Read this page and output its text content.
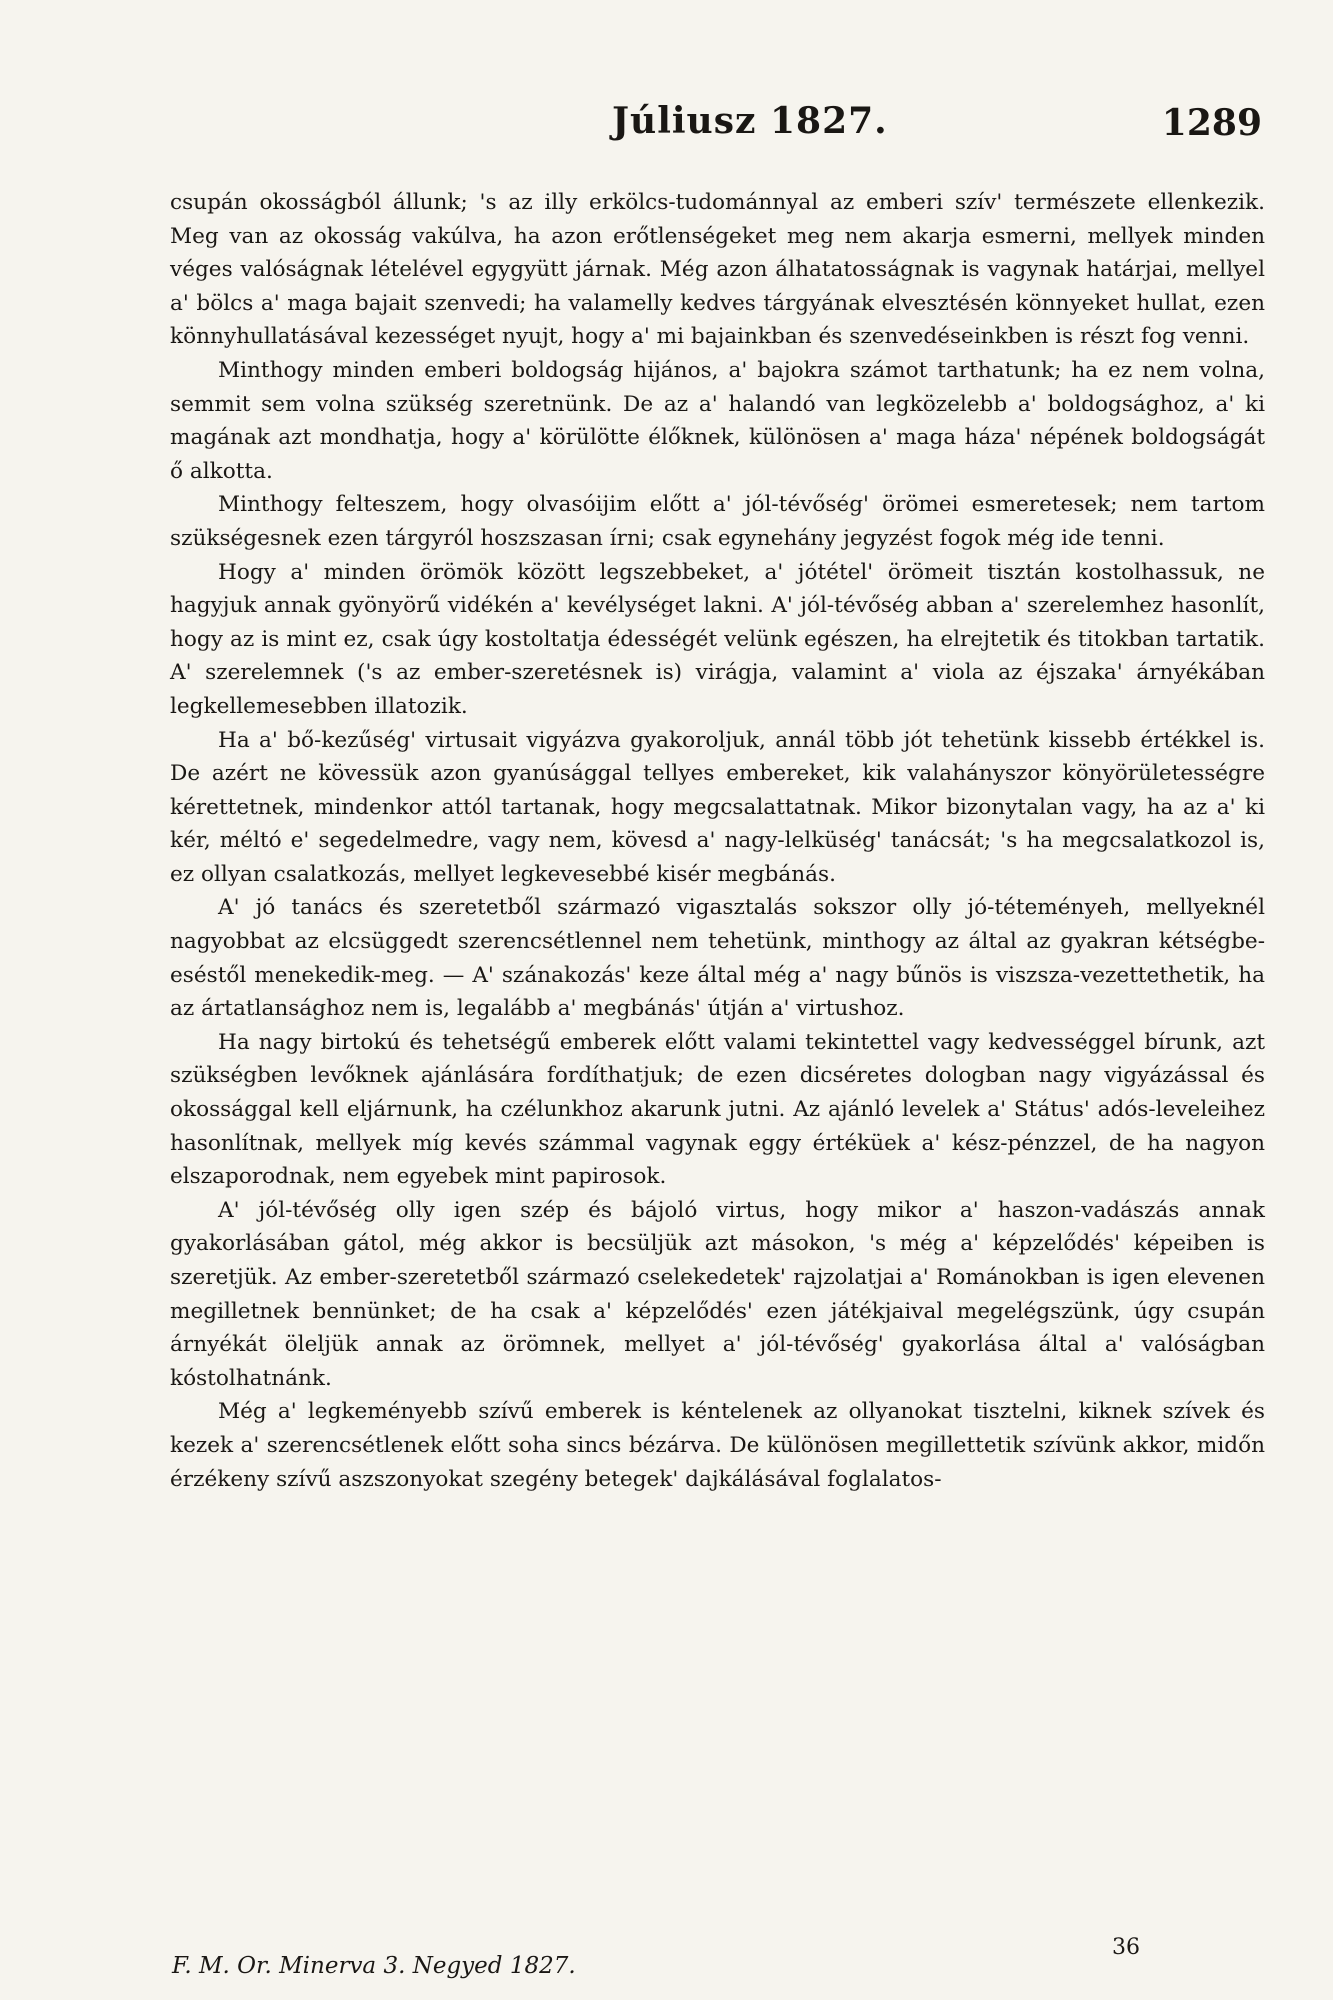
Júliusz 1827.	1289

csupán okosságból állunk; 's az illy erkölcs-tudománnyal az emberi szív' természete ellenkezik. Meg van az okosság vakúlva, ha azon erőtlenségeket meg nem akarja esmerni, mellyek minden véges valóságnak lételével egygyütt járnak. Még azon álhatatosságnak is vagynak határjai, mellyel a' bölcs a' maga bajait szenvedi; ha valamelly kedves tárgyának elvesztésén könnyeket hullat, ezen könnyhullatásával kezességet nyujt, hogy a' mi bajainkban és szenvedéseinkben is részt fog venni.

Minthogy minden emberi boldogság hijános, a' bajokra számot tarthatunk; ha ez nem volna, semmit sem volna szükség szeretnünk. De az a' halandó van legközelebb a' boldogsághoz, a' ki magának azt mondhatja, hogy a' körülötte élőknek, különösen a' maga háza' népének boldogságát ő alkotta.

Minthogy felteszem, hogy olvasóijim előtt a' jól-tévőség' örömei esmeretesek; nem tartom szükségesnek ezen tárgyról hoszszasan írni; csak egynehány jegyzést fogok még ide tenni.

Hogy a' minden örömök között legszebbeket, a' jótétel' örömeit tisztán kostolhassuk, ne hagyjuk annak gyönyörű vidékén a' kevélységet lakni. A' jól-tévőség abban a' szerelemhez hasonlít, hogy az is mint ez, csak úgy kostoltatja édességét velünk egészen, ha elrejtetik és titokban tartatik. A' szerelemnek ('s az ember-szeretésnek is) virágja, valamint a' viola az éjszaka' árnyékában legkellemesebben illatozik.

Ha a' bő-kezűség' virtusait vigyázva gyakoroljuk, annál több jót tehetünk kissebb értékkel is. De azért ne kövessük azon gyanúsággal tellyes embereket, kik valahányszor könyörületességre kérettetnek, mindenkor attól tartanak, hogy megcsalattatnak. Mikor bizonytalan vagy, ha az a' ki kér, méltó e' segedelmedre, vagy nem, kövesd a' nagy-lelküség' tanácsát; 's ha megcsalatkozol is, ez ollyan csalatkozás, mellyet legkevesebbé kisér megbánás.

A' jó tanács és szeretetből származó vigasztalás sokszor olly jó-téteményeh, mellyeknél nagyobbat az elcsüggedt szerencsétlennel nem tehetünk, minthogy az által az gyakran kétségbe-eséstől menekedik-meg. — A' szánakozás' keze által még a' nagy bűnös is viszsza-vezettethetik, ha az ártatlansághoz nem is, legalább a' megbánás' útján a' virtushoz.

Ha nagy birtokú és tehetségű emberek előtt valami tekintettel vagy kedvességgel bírunk, azt szükségben levőknek ajánlására fordíthatjuk; de ezen dicséretes dologban nagy vigyázással és okossággal kell eljárnunk, ha czélunkhoz akarunk jutni. Az ajánló levelek a' Státus' adós-leveleihez hasonlítnak, mellyek míg kevés számmal vagynak eggy értéküek a' kész-pénzzel, de ha nagyon elszaporodnak, nem egyebek mint papirosok.

A' jól-tévőség olly igen szép és bájoló virtus, hogy mikor a' haszon-vadászás annak gyakorlásában gátol, még akkor is becsüljük azt másokon, 's még a' képzelődés' képeiben is szeretjük. Az ember-szeretetből származó cselekedetek' rajzolatjai a' Románokban is igen elevenen megilletnek bennünket; de ha csak a' képzelődés' ezen játékjaival megelégszünk, úgy csupán árnyékát öleljük annak az örömnek, mellyet a' jól-tévőség' gyakorlása által a' valóságban kóstolhatnánk.

Még a' legkeményebb szívű emberek is kéntelenek az ollyanokat tisztelni, kiknek szívek és kezek a' szerencsétlenek előtt soha sincs bézárva. De különösen megillettetik szívünk akkor, midőn érzékeny szívű aszszonyokat szegény betegek' dajkálásával foglalatos-

F. M. Or. Minerva 3. Negyed 1827.
36
